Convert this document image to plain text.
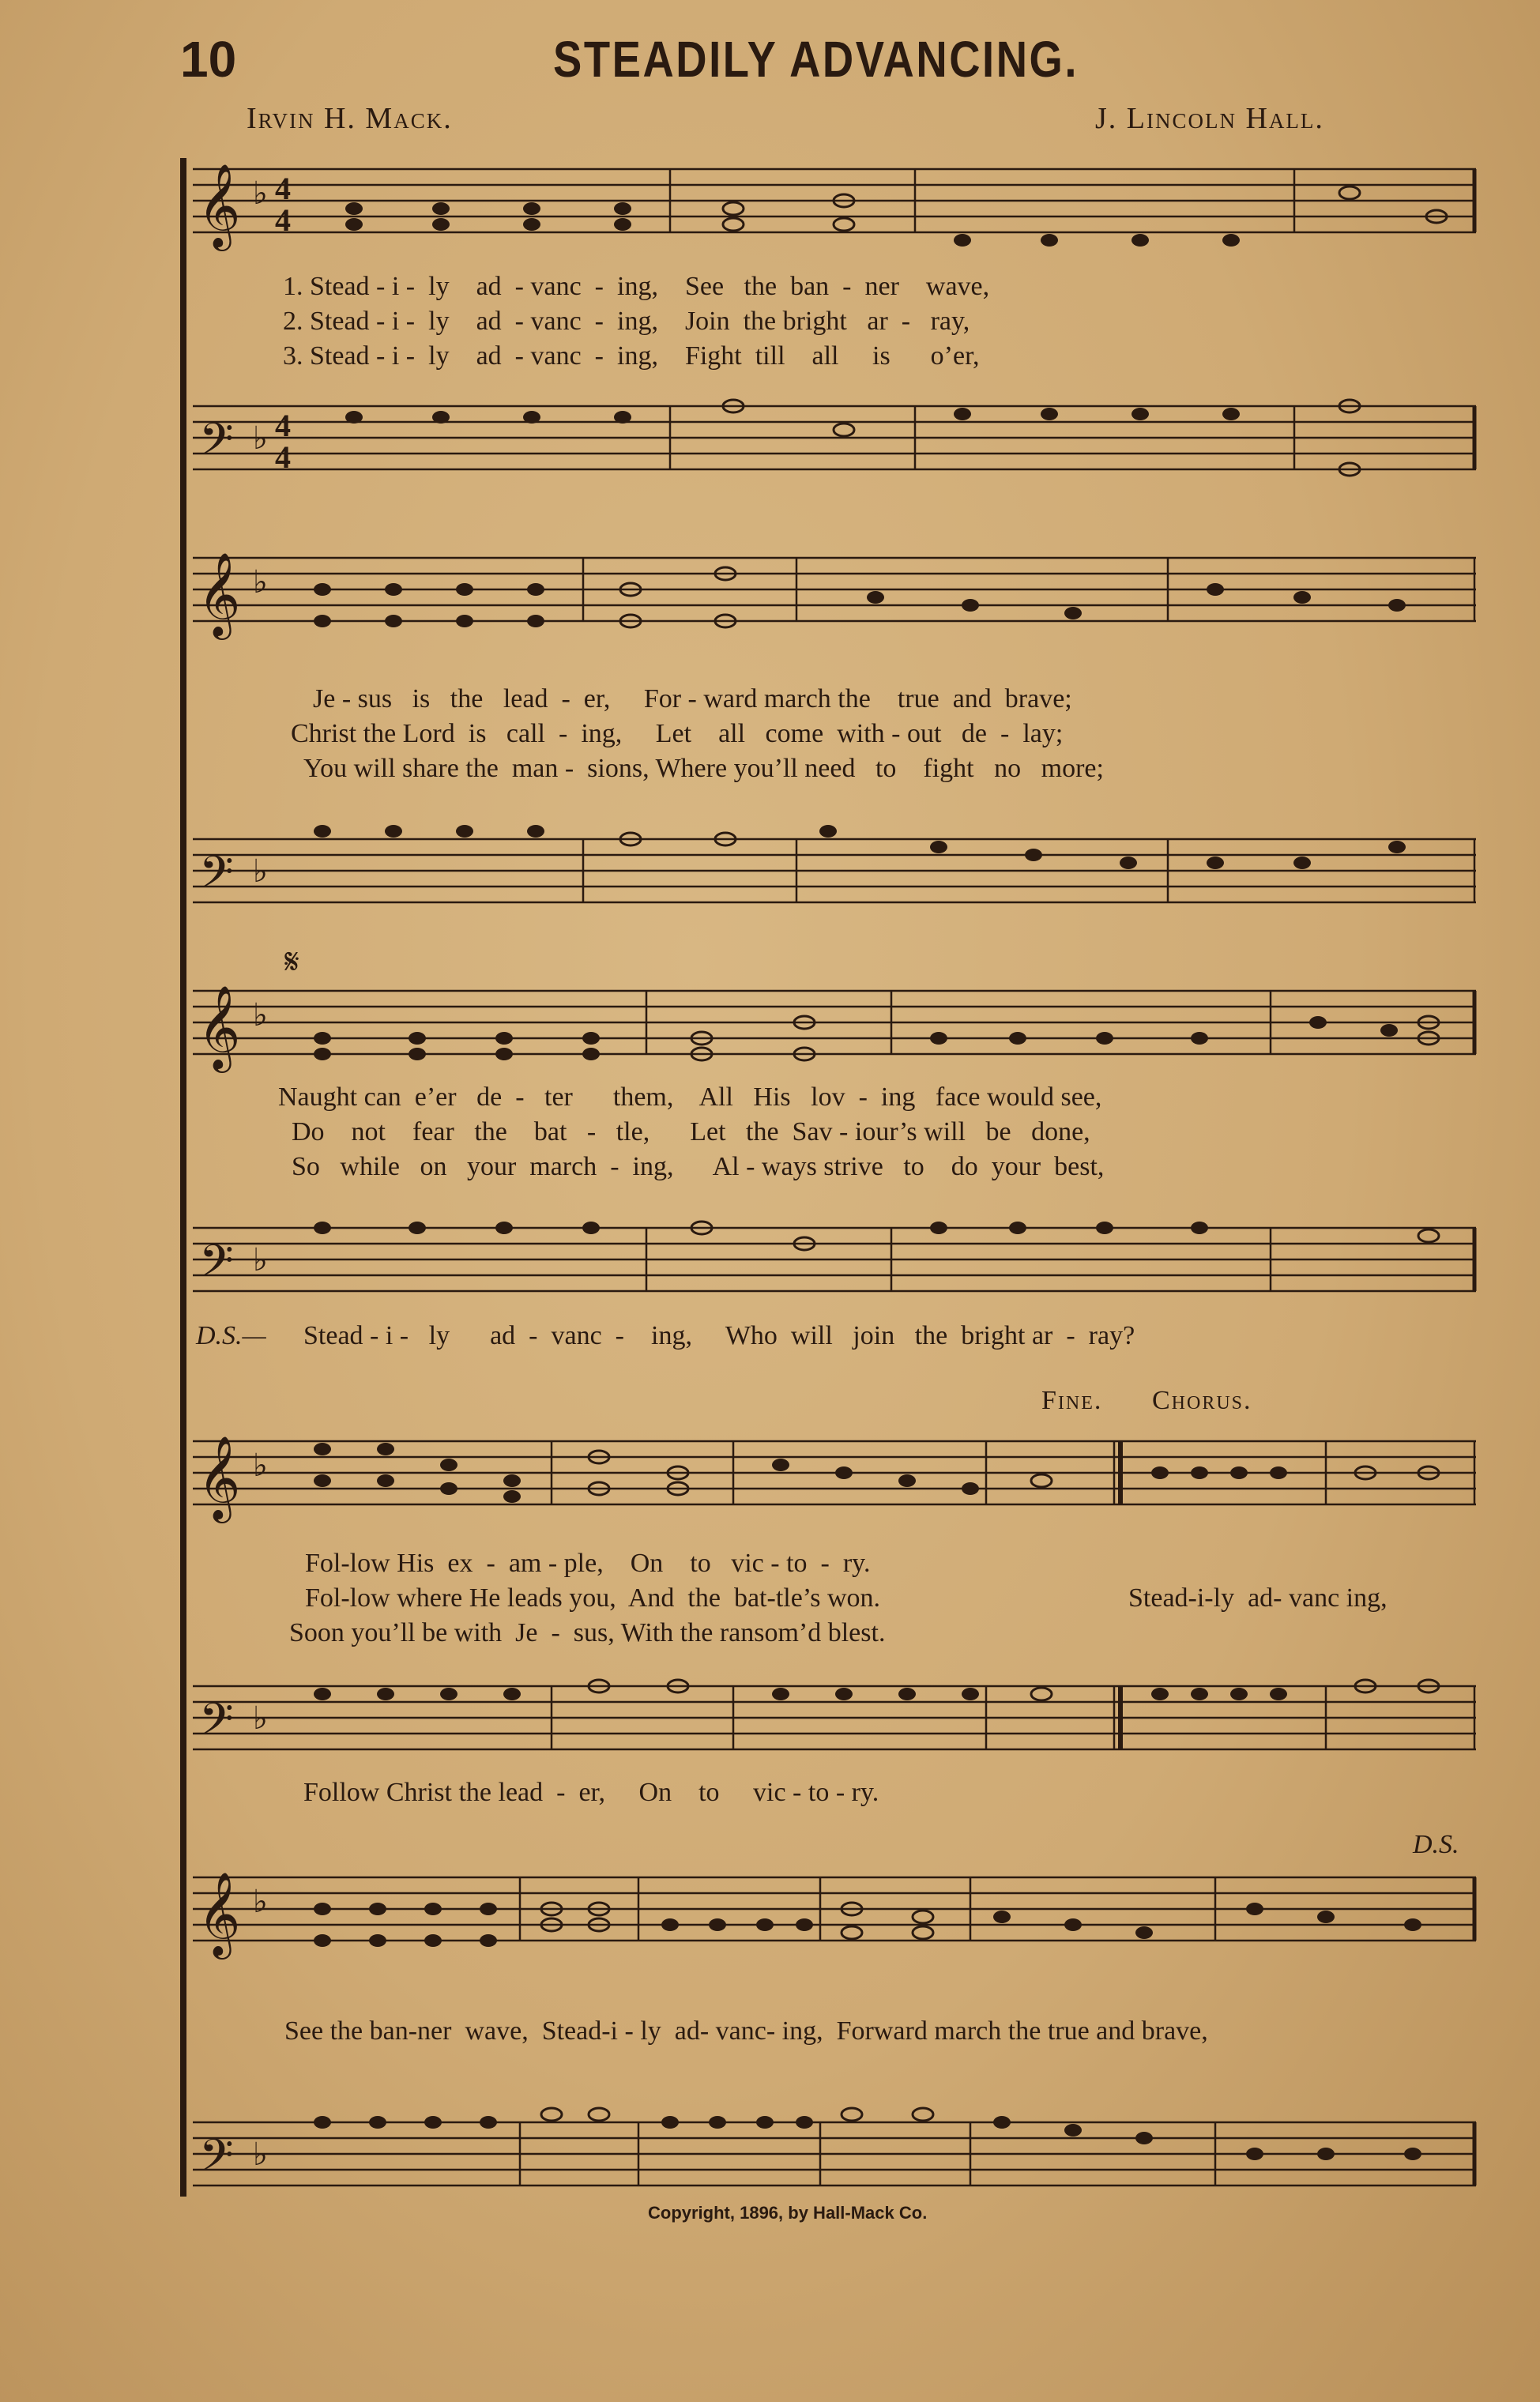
10	STEADILY ADVANCING.
Irvin H. Mack.	J. Lincoln Hall.
𝄞 ♭ 4
4
𝄢 ♭ 4
4
1. Stead - i -  ly    ad  - vanc  -  ing,    See   the  ban  -  ner    wave,
2. Stead - i -  ly    ad  - vanc  -  ing,    Join  the bright   ar  -   ray,
3. Stead - i -  ly    ad  - vanc  -  ing,    Fight  till    all     is      o’er,
𝄞 ♭
𝄢 ♭
Je - sus   is   the   lead  -  er,     For - ward march the    true  and  brave;
Christ the Lord  is   call  -  ing,     Let    all   come  with - out   de  -  lay;
You will share the  man -  sions, Where you’ll need   to    fight   no   more;
𝄋
𝄞 ♭
𝄢 ♭
Naught can  e’er   de  -   ter      them,    All   His   lov  -  ing   face would see,
Do    not    fear   the    bat   -   tle,      Let   the  Sav - iour’s will   be   done,
So   while   on   your  march  -  ing,      Al - ways strive   to    do  your  best,
D.S.— Stead - i -   ly      ad  -  vanc  -    ing,     Who  will   join   the  bright ar  -  ray?
Fine. Chorus.
𝄞 ♭
𝄢 ♭
Fol-low His  ex  -  am - ple,    On    to   vic - to  -  ry.
Fol-low where He leads you,  And  the  bat-tle’s won.
Soon you’ll be with  Je  -  sus, With the ransom’d blest.
Stead-i-ly  ad- vanc ing,
Follow Christ the lead  -  er,     On    to     vic - to - ry.
D.S.
𝄞 ♭
𝄢 ♭
See the ban-ner  wave,  Stead-i - ly  ad- vanc- ing,  Forward march the true and brave,
Copyright, 1896, by Hall-Mack Co.
